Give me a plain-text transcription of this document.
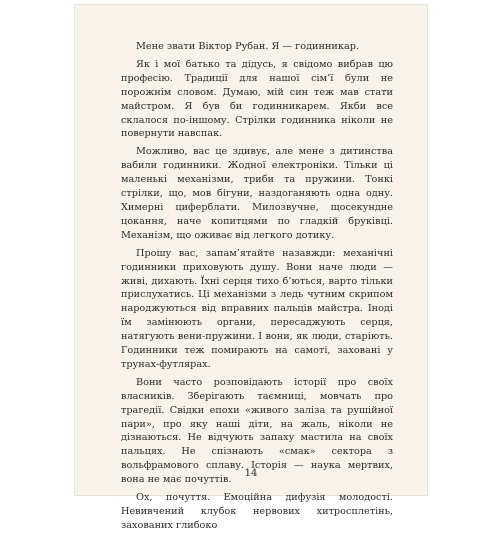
Мене звати Віктор Рубан. Я — годинникар.

Як і мої батько та дідусь, я свідомо вибрав цю професію. Традиції для нашої сім’ї були не порожнім словом. Думаю, мій син теж мав стати майстром. Я був би годинникарем. Якби все склалося по-іншому. Стрілки годинника ніколи не повернути навспак.

Можливо, вас це здивує, але мене з дитинства вабили годинники. Жодної електроніки. Тільки ці маленькі механізми, триби та пружини. Тонкі стрілки, що, мов бігуни, наздоганяють одна одну. Химерні циферблати. Милозвучне, щосекундне цокання, наче копитцями по гладкій бруківці. Механізм, що оживає від легкого дотику.

Прошу вас, запам’ятайте назавжди: механічні годинники приховують душу. Вони наче люди — живі, дихають. Їхні серця тихо б’ються, варто тільки прислухатись. Ці механізми з ледь чутним скрипом народжуються від вправних пальців майстра. Іноді їм замінюють органи, пересаджують серця, натягують вени-пружини. І вони, як люди, старіють. Годинники теж помирають на самоті, заховані у трунах-футлярах.

Вони часто розповідають історії про своїх власників. Зберігають таємниці, мовчать про трагедії. Свідки епохи «живого заліза та рушійної пари», про яку наші діти, на жаль, ніколи не дізнаються. Не відчують запаху мастила на своїх пальцях. Не спізнають «смак» сектора з вольфрамового сплаву. Історія — наука мертвих, вона не має почуттів.

Ох, почуття. Емоційна дифузія молодості. Невивчений клубок нервових хитросплетінь, захованих глибоко

14
